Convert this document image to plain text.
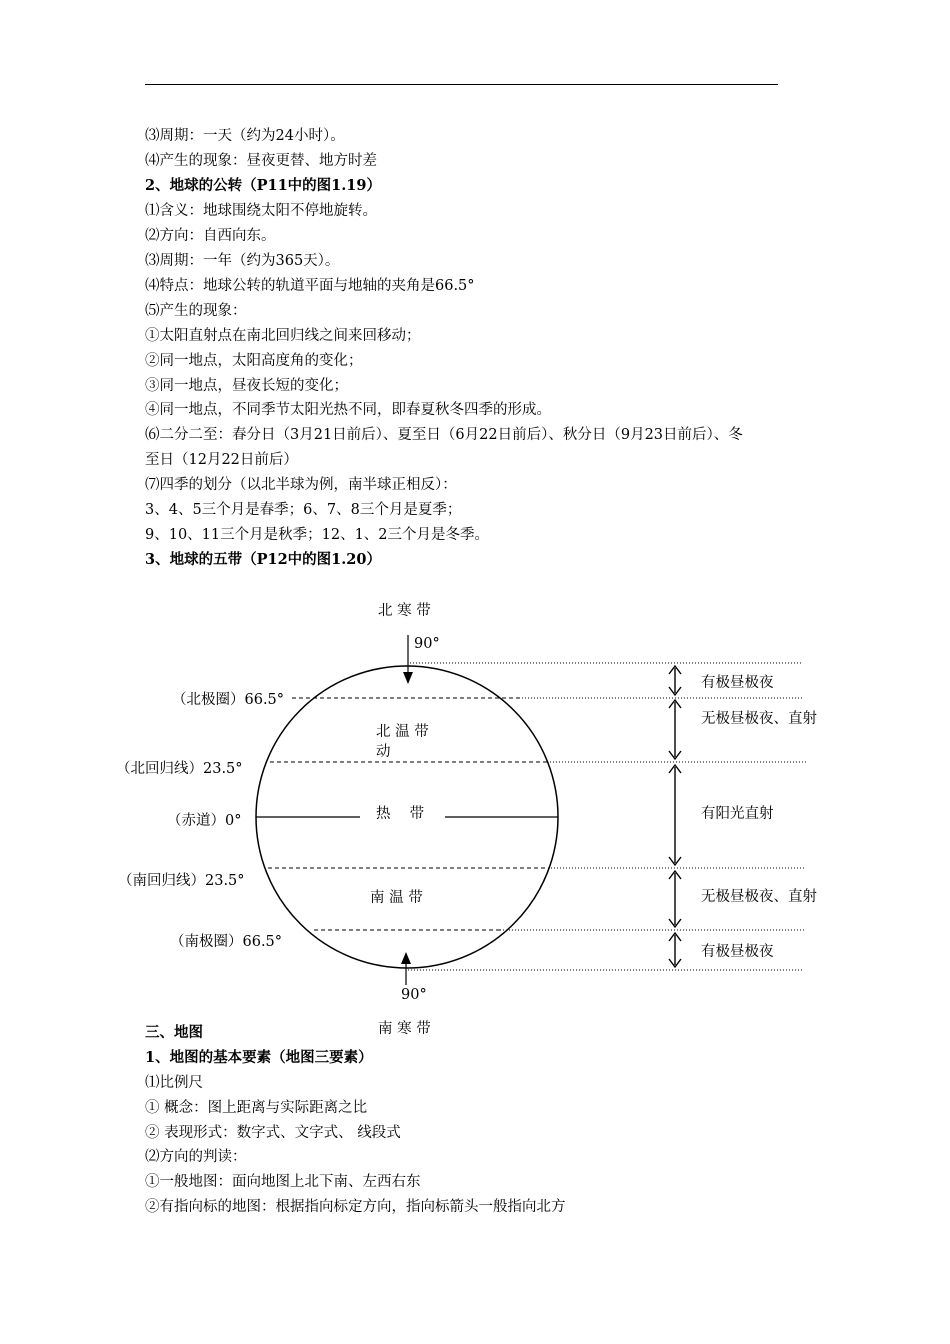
⑶周期：一天（约为24小时）。
⑷产生的现象：昼夜更替、地方时差
2、地球的公转（P11中的图1.19）
⑴含义：地球围绕太阳不停地旋转。
⑵方向：自西向东。
⑶周期：一年（约为365天）。
⑷特点：地球公转的轨道平面与地轴的夹角是66.5°
⑸产生的现象：
①太阳直射点在南北回归线之间来回移动；
②同一地点，太阳高度角的变化；
③同一地点，昼夜长短的变化；
④同一地点，不同季节太阳光热不同，即春夏秋冬四季的形成。
⑹二分二至：春分日（3月21日前后）、夏至日（6月22日前后）、秋分日（9月23日前后）、冬
至日（12月22日前后）
⑺四季的划分（以北半球为例，南半球正相反）：
3、4、5三个月是春季；6、7、8三个月是夏季；
9、10、11三个月是秋季；12、1、2三个月是冬季。
3、地球的五带（P12中的图1.20）
北 寒 带
90°
（北极圈）66.5°
北 温 带
动
（北回归线）23.5°
（赤道）0°	热　 带
（南回归线）23.5°
南 温 带
（南极圈）66.5°
90°
南 寒 带
有极昼极夜
无极昼极夜、直射
有阳光直射
无极昼极夜、直射
有极昼极夜
三、地图
1、地图的基本要素（地图三要素）
⑴比例尺
① 概念：图上距离与实际距离之比
② 表现形式：数字式、文字式、 线段式
⑵方向的判读：
①一般地图：面向地图上北下南、左西右东
②有指向标的地图：根据指向标定方向，指向标箭头一般指向北方
